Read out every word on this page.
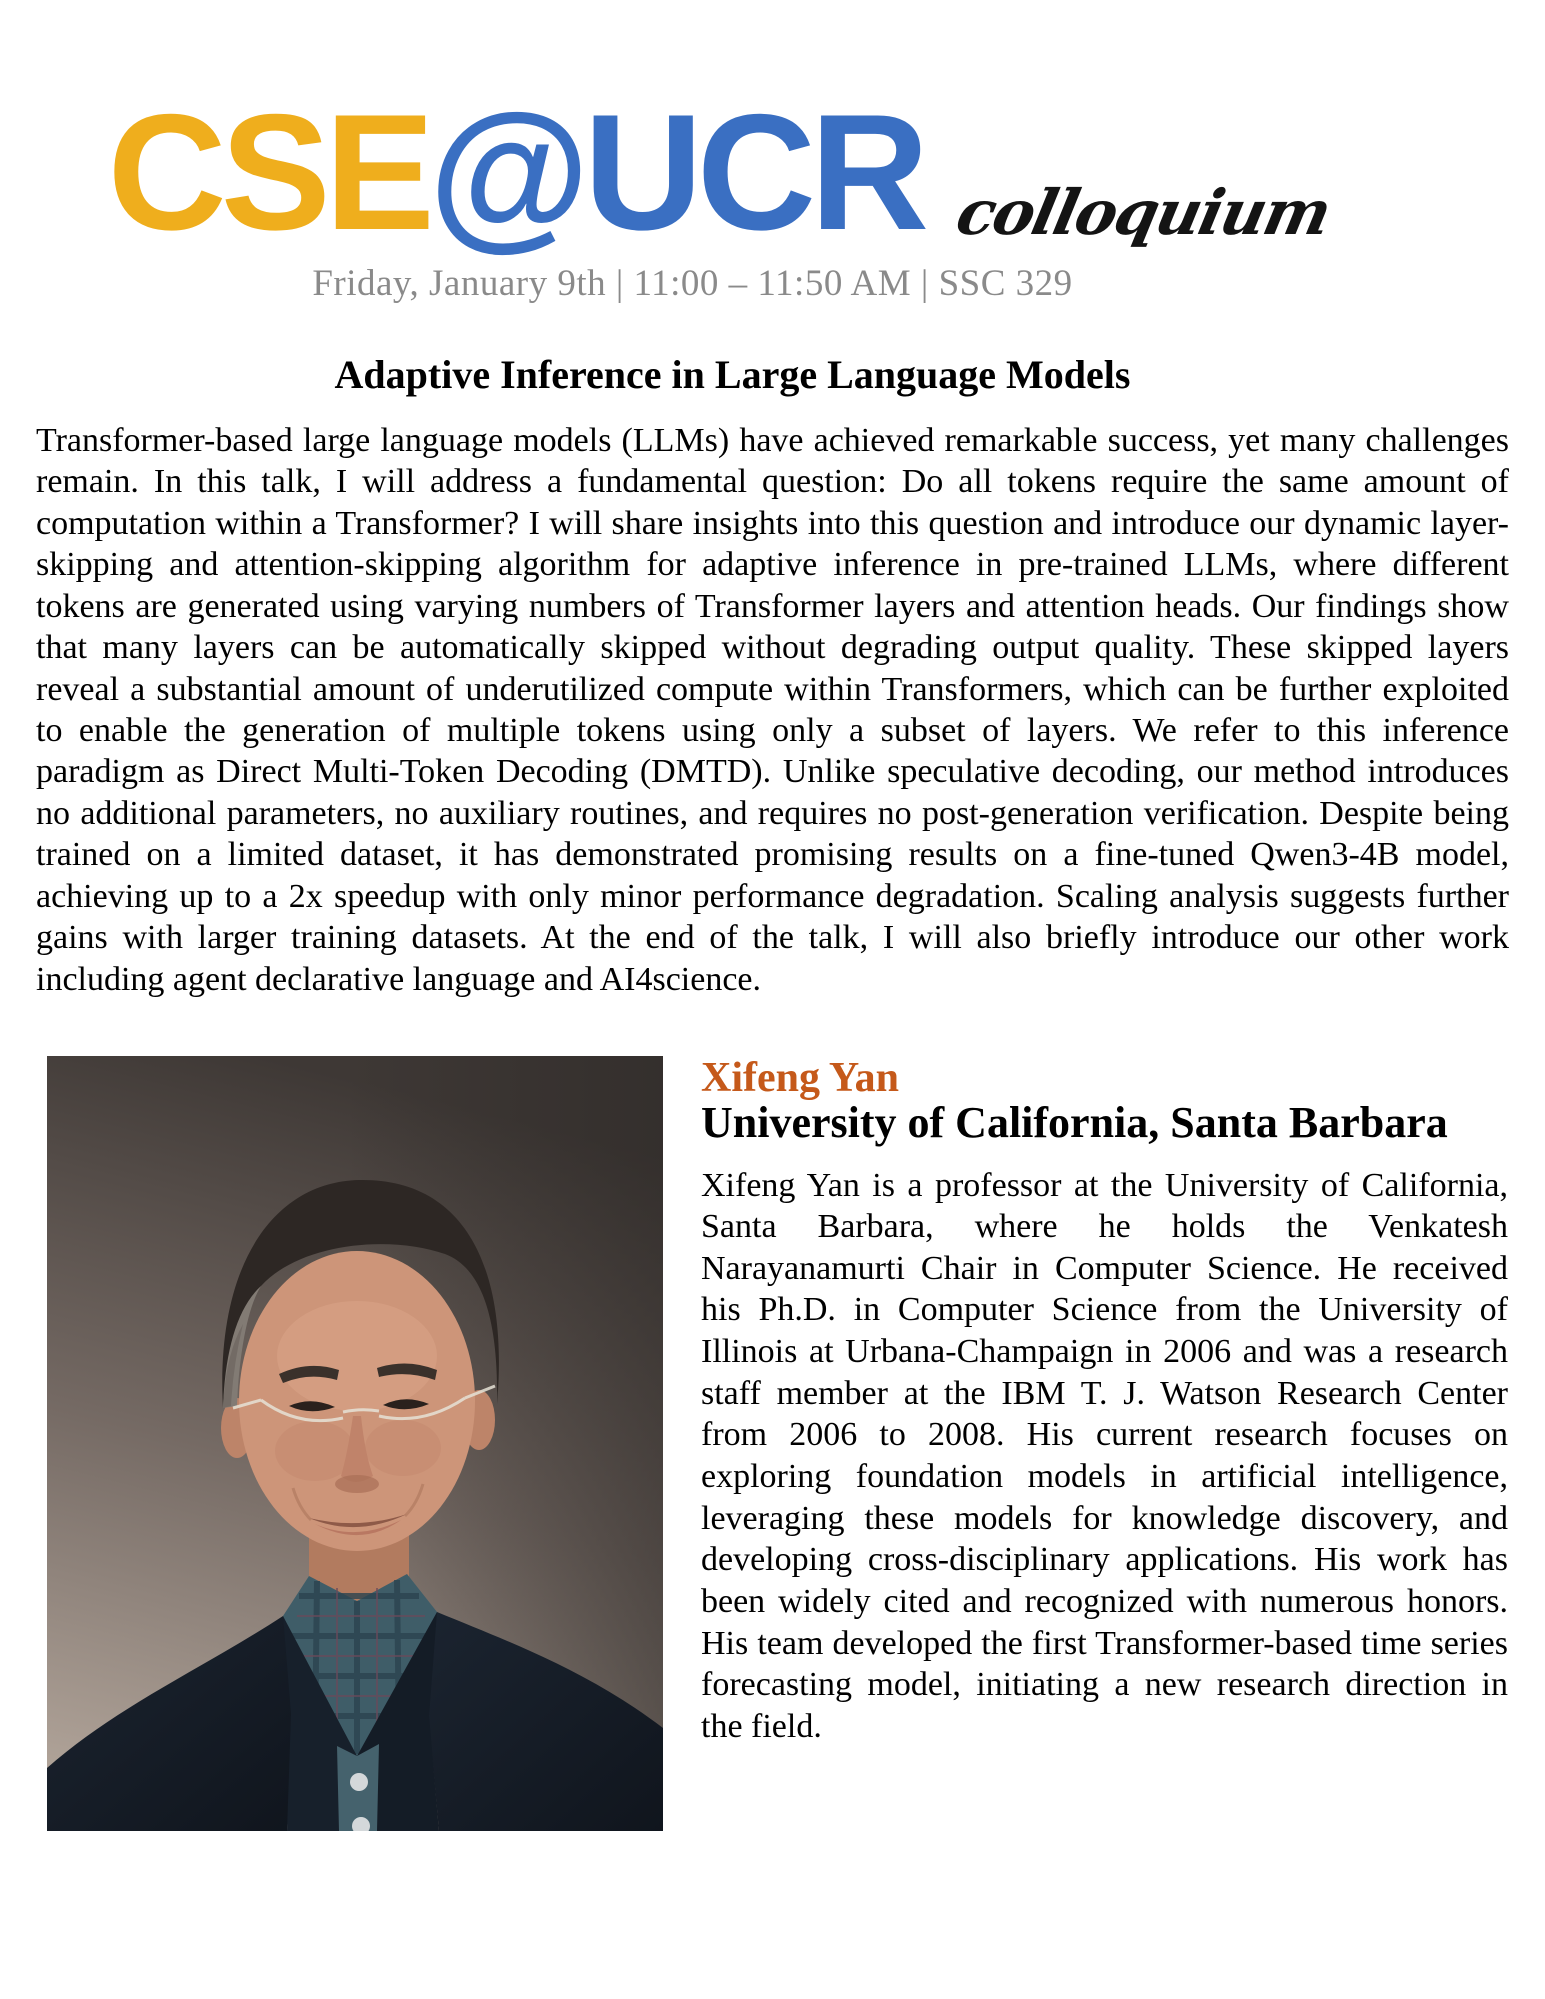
CSE @UCR colloquium
Friday, January 9th | 11:00 – 11:50 AM | SSC 329
Adaptive Inference in Large Language Models

Transformer-based large language models (LLMs) have achieved remarkable success, yet many challenges remain. In this talk, I will address a fundamental question: Do all tokens require the same amount of computation within a Transformer? I will share insights into this question and introduce our dynamic layer-skipping and attention-skipping algorithm for adaptive inference in pre-trained LLMs, where different tokens are generated using varying numbers of Transformer layers and attention heads. Our findings show that many layers can be automatically skipped without degrading output quality. These skipped layers reveal a substantial amount of underutilized compute within Transformers, which can be further exploited to enable the generation of multiple tokens using only a subset of layers. We refer to this inference paradigm as Direct Multi-Token Decoding (DMTD). Unlike speculative decoding, our method introduces no additional parameters, no auxiliary routines, and requires no post-generation verification. Despite being trained on a limited dataset, it has demonstrated promising results on a fine-tuned Qwen3-4B model, achieving up to a 2x speedup with only minor performance degradation. Scaling analysis suggests further gains with larger training datasets. At the end of the talk, I will also briefly introduce our other work including agent declarative language and AI4science.

Xifeng Yan
University of California, Santa Barbara

Xifeng Yan is a professor at the University of California, Santa Barbara, where he holds the Venkatesh Narayanamurti Chair in Computer Science. He received his Ph.D. in Computer Science from the University of Illinois at Urbana-Champaign in 2006 and was a research staff member at the IBM T. J. Watson Research Center from 2006 to 2008. His current research focuses on exploring foundation models in artificial intelligence, leveraging these models for knowledge discovery, and developing cross-disciplinary applications. His work has been widely cited and recognized with numerous honors. His team developed the first Transformer-based time series forecasting model, initiating a new research direction in the field.
